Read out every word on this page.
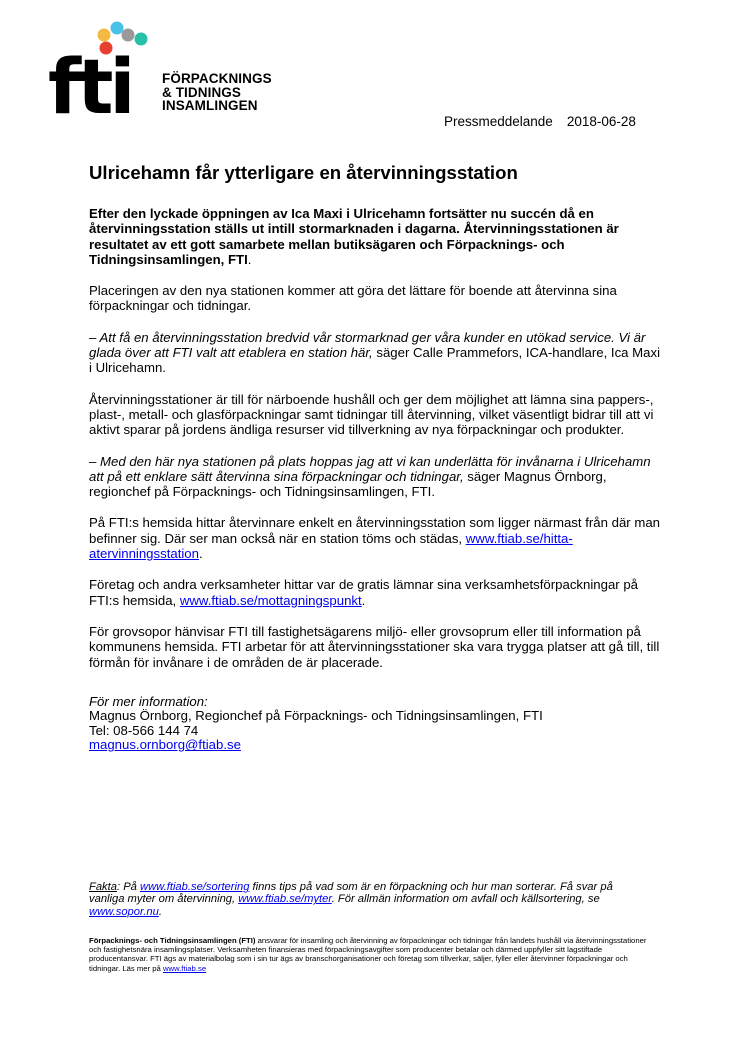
fti FÖRPACKNINGS
& TIDNINGS
INSAMLINGEN
Pressmeddelande 2018-06-28
Ulricehamn får ytterligare en återvinningsstation

Efter den lyckade öppningen av Ica Maxi i Ulricehamn fortsätter nu succén då en återvinningsstation ställs ut intill stormarknaden i dagarna. Återvinningsstationen är resultatet av ett gott samarbete mellan butiksägaren och Förpacknings- och Tidningsinsamlingen, FTI.

Placeringen av den nya stationen kommer att göra det lättare för boende att återvinna sina förpackningar och tidningar.

– Att få en återvinningsstation bredvid vår stormarknad ger våra kunder en utökad service. Vi är glada över att FTI valt att etablera en station här, säger Calle Prammefors, ICA-handlare, Ica Maxi i Ulricehamn.

Återvinningsstationer är till för närboende hushåll och ger dem möjlighet att lämna sina pappers-, plast-, metall- och glasförpackningar samt tidningar till återvinning, vilket väsentligt bidrar till att vi aktivt sparar på jordens ändliga resurser vid tillverkning av nya förpackningar och produkter.

– Med den här nya stationen på plats hoppas jag att vi kan underlätta för invånarna i Ulricehamn att på ett enklare sätt återvinna sina förpackningar och tidningar, säger Magnus Örnborg, regionchef på Förpacknings- och Tidningsinsamlingen, FTI.

På FTI:s hemsida hittar återvinnare enkelt en återvinningsstation som ligger närmast från där man befinner sig. Där ser man också när en station töms och städas, www.ftiab.se/hitta-atervinningsstation.

Företag och andra verksamheter hittar var de gratis lämnar sina verksamhetsförpackningar på FTI:s hemsida, www.ftiab.se/mottagningspunkt.

För grovsopor hänvisar FTI till fastighetsägarens miljö- eller grovsoprum eller till information på kommunens hemsida. FTI arbetar för att återvinningsstationer ska vara trygga platser att gå till, till förmån för invånare i de områden de är placerade.

För mer information:
Magnus Örnborg, Regionchef på Förpacknings- och Tidningsinsamlingen, FTI
Tel: 08-566 144 74
magnus.ornborg@ftiab.se
Fakta: På www.ftiab.se/sortering finns tips på vad som är en förpackning och hur man sorterar. Få svar på vanliga myter om återvinning, www.ftiab.se/myter. För allmän information om avfall och källsortering, se www.sopor.nu.
Förpacknings- och Tidningsinsamlingen (FTI) ansvarar för insamling och återvinning av förpackningar och tidningar från landets hushåll via återvinningsstationer och fastighetsnära insamlingsplatser. Verksamheten finansieras med förpackningsavgifter som producenter betalar och därmed uppfyller sitt lagstiftade producentansvar. FTI ägs av materialbolag som i sin tur ägs av branschorganisationer och företag som tillverkar, säljer, fyller eller återvinner förpackningar och tidningar. Läs mer på www.ftiab.se
